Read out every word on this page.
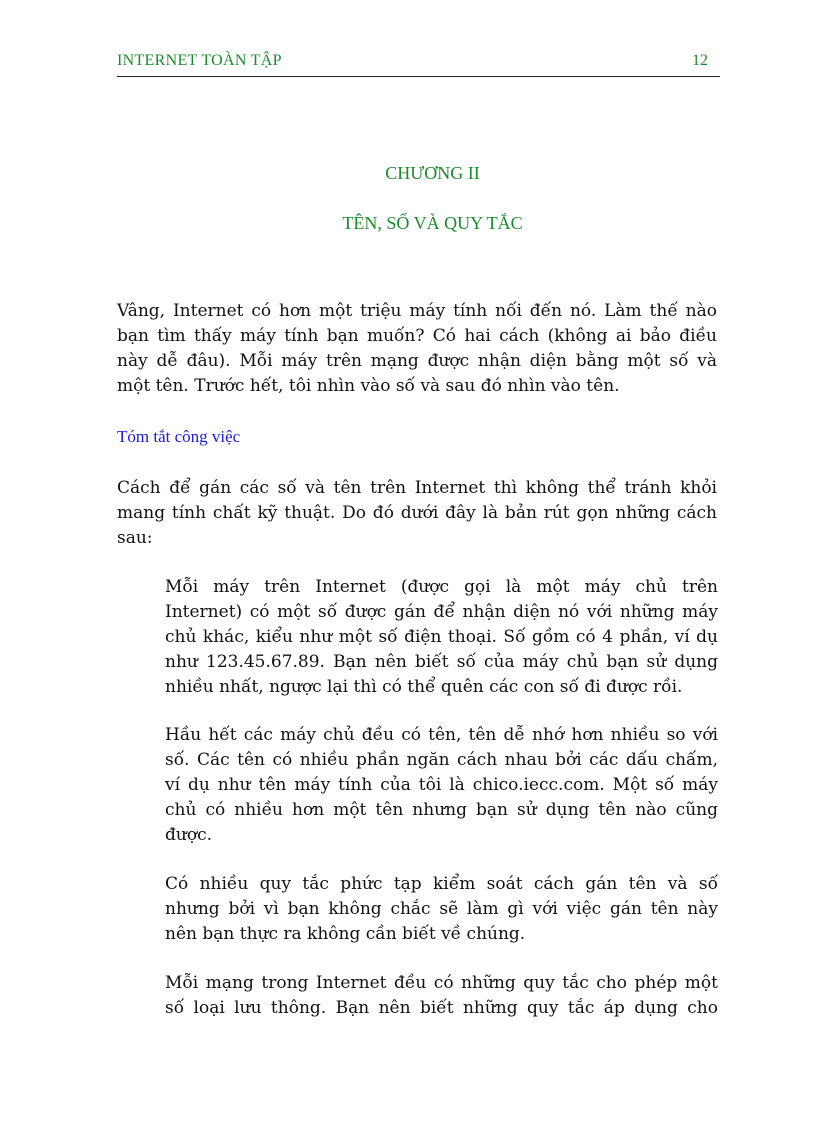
INTERNET TOÀN TẬP	12
CHƯƠNG II
TÊN, SỐ VÀ QUY TẮC

Vâng, Internet có hơn một triệu máy tính nối đến nó. Làm thế nào
bạn tìm thấy máy tính bạn muốn? Có hai cách (không ai bảo điều
này dễ đâu). Mỗi máy trên mạng được nhận diện bằng một số và
một tên. Trước hết, tôi nhìn vào số và sau đó nhìn vào tên.

Tóm tắt công việc

Cách để gán các số và tên trên Internet thì không thể tránh khỏi
mang tính chất kỹ thuật. Do đó dưới đây là bản rút gọn những cách
sau:

Mỗi máy trên Internet (được gọi là một máy chủ trên
Internet) có một số được gán để nhận diện nó với những máy
chủ khác, kiểu như một số điện thoại. Số gồm có 4 phần, ví dụ
như 123.45.67.89. Bạn nên biết số của máy chủ bạn sử dụng
nhiều nhất, ngược lại thì có thể quên các con số đi được rồi.

Hầu hết các máy chủ đều có tên, tên dễ nhớ hơn nhiều so với
số. Các tên có nhiều phần ngăn cách nhau bởi các dấu chấm,
ví dụ như tên máy tính của tôi là chico.iecc.com. Một số máy
chủ có nhiều hơn một tên nhưng bạn sử dụng tên nào cũng
được.

Có nhiều quy tắc phức tạp kiểm soát cách gán tên và số
nhưng bởi vì bạn không chắc sẽ làm gì với việc gán tên này
nên bạn thực ra không cần biết về chúng.

Mỗi mạng trong Internet đều có những quy tắc cho phép một
số loại lưu thông. Bạn nên biết những quy tắc áp dụng cho
